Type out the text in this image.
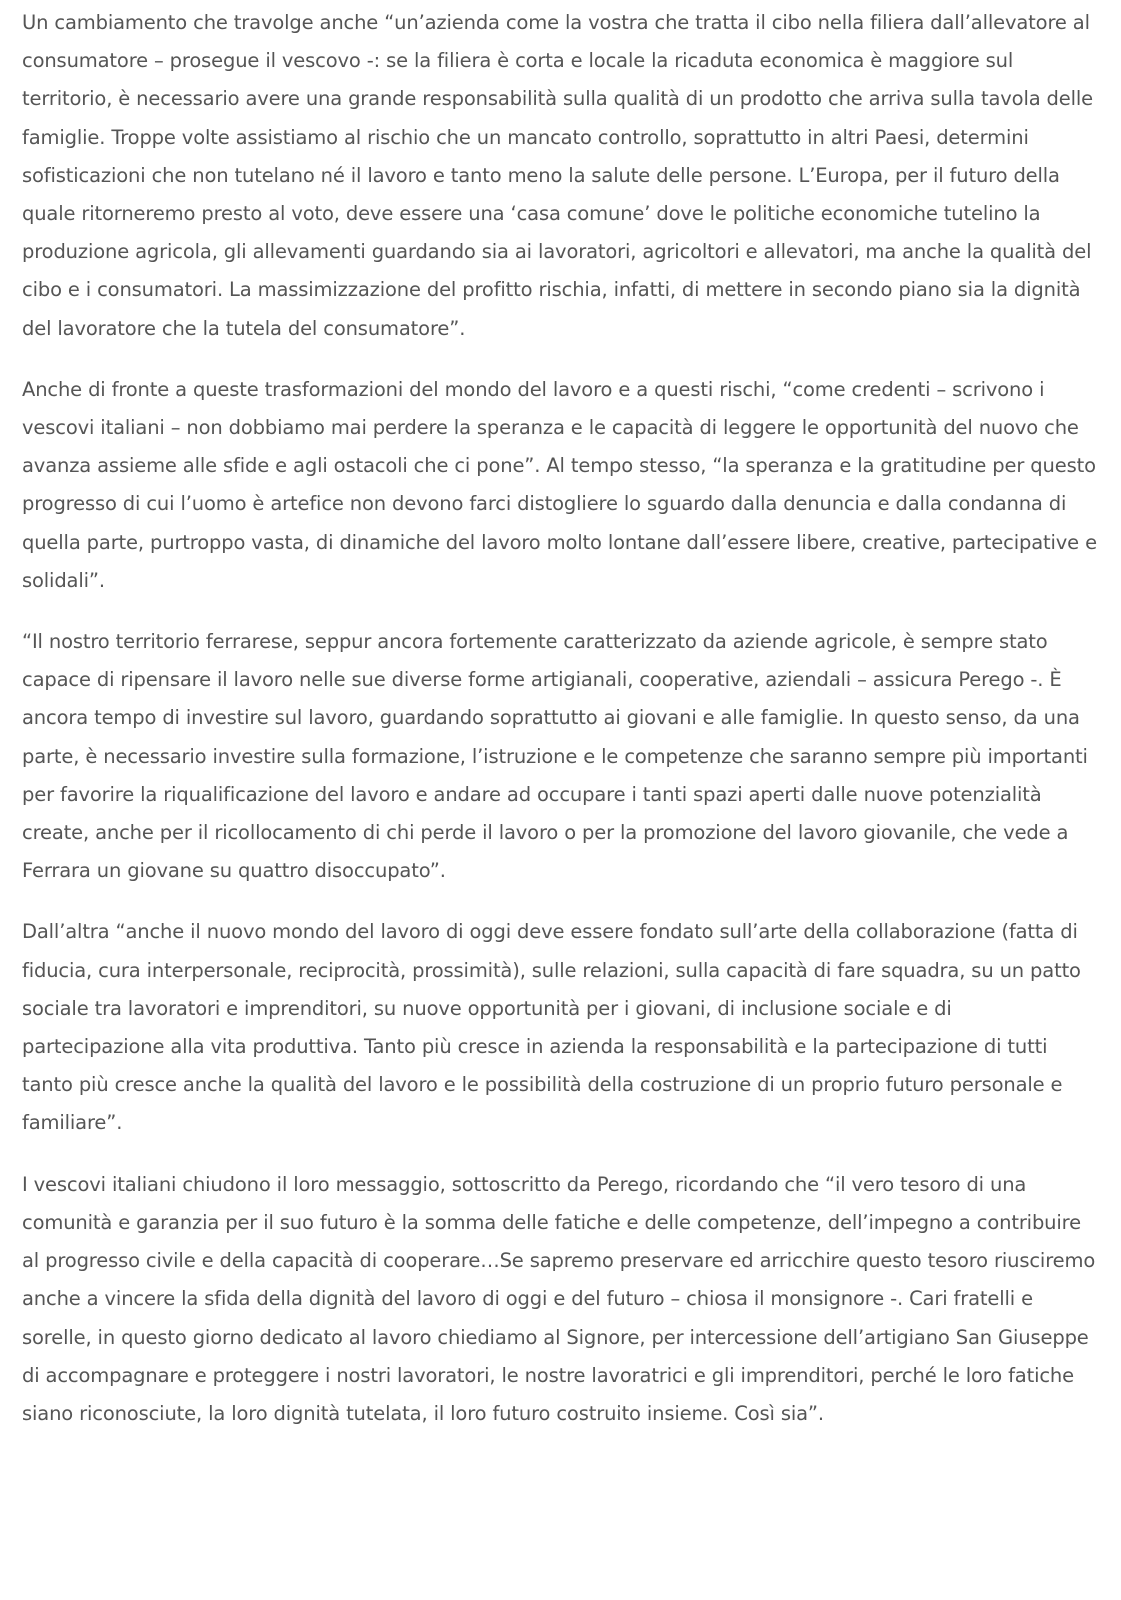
Un cambiamento che travolge anche “un’azienda come la vostra che tratta il cibo nella filiera dall’allevatore al consumatore – prosegue il vescovo -: se la filiera è corta e locale la ricaduta economica è maggiore sul territorio, è necessario avere una grande responsabilità sulla qualità di un prodotto che arriva sulla tavola delle famiglie. Troppe volte assistiamo al rischio che un mancato controllo, soprattutto in altri Paesi, determini sofisticazioni che non tutelano né il lavoro e tanto meno la salute delle persone. L’Europa, per il futuro della quale ritorneremo presto al voto, deve essere una ‘casa comune’ dove le politiche economiche tutelino la produzione agricola, gli allevamenti guardando sia ai lavoratori, agricoltori e allevatori, ma anche la qualità del cibo e i consumatori. La massimizzazione del profitto rischia, infatti, di mettere in secondo piano sia la dignità del lavoratore che la tutela del consumatore”.

Anche di fronte a queste trasformazioni del mondo del lavoro e a questi rischi, “come credenti – scrivono i vescovi italiani – non dobbiamo mai perdere la speranza e le capacità di leggere le opportunità del nuovo che avanza assieme alle sfide e agli ostacoli che ci pone”. Al tempo stesso, “la speranza e la gratitudine per questo progresso di cui l’uomo è artefice non devono farci distogliere lo sguardo dalla denuncia e dalla condanna di quella parte, purtroppo vasta, di dinamiche del lavoro molto lontane dall’essere libere, creative, partecipative e solidali”.

“Il nostro territorio ferrarese, seppur ancora fortemente caratterizzato da aziende agricole, è sempre stato capace di ripensare il lavoro nelle sue diverse forme artigianali, cooperative, aziendali – assicura Perego -. È ancora tempo di investire sul lavoro, guardando soprattutto ai giovani e alle famiglie. In questo senso, da una parte, è necessario investire sulla formazione, l’istruzione e le competenze che saranno sempre più importanti per favorire la riqualificazione del lavoro e andare ad occupare i tanti spazi aperti dalle nuove potenzialità create, anche per il ricollocamento di chi perde il lavoro o per la promozione del lavoro giovanile, che vede a Ferrara un giovane su quattro disoccupato”.

Dall’altra “anche il nuovo mondo del lavoro di oggi deve essere fondato sull’arte della collaborazione (fatta di fiducia, cura interpersonale, reciprocità, prossimità), sulle relazioni, sulla capacità di fare squadra, su un patto sociale tra lavoratori e imprenditori, su nuove opportunità per i giovani, di inclusione sociale e di partecipazione alla vita produttiva. Tanto più cresce in azienda la responsabilità e la partecipazione di tutti tanto più cresce anche la qualità del lavoro e le possibilità della costruzione di un proprio futuro personale e familiare”.

I vescovi italiani chiudono il loro messaggio, sottoscritto da Perego, ricordando che “il vero tesoro di una comunità e garanzia per il suo futuro è la somma delle fatiche e delle competenze, dell’impegno a contribuire al progresso civile e della capacità di cooperare…Se sapremo preservare ed arricchire questo tesoro riusciremo anche a vincere la sfida della dignità del lavoro di oggi e del futuro – chiosa il monsignore -. Cari fratelli e sorelle, in questo giorno dedicato al lavoro chiediamo al Signore, per intercessione dell’artigiano San Giuseppe di accompagnare e proteggere i nostri lavoratori, le nostre lavoratrici e gli imprenditori, perché le loro fatiche siano riconosciute, la loro dignità tutelata, il loro futuro costruito insieme. Così sia”.
